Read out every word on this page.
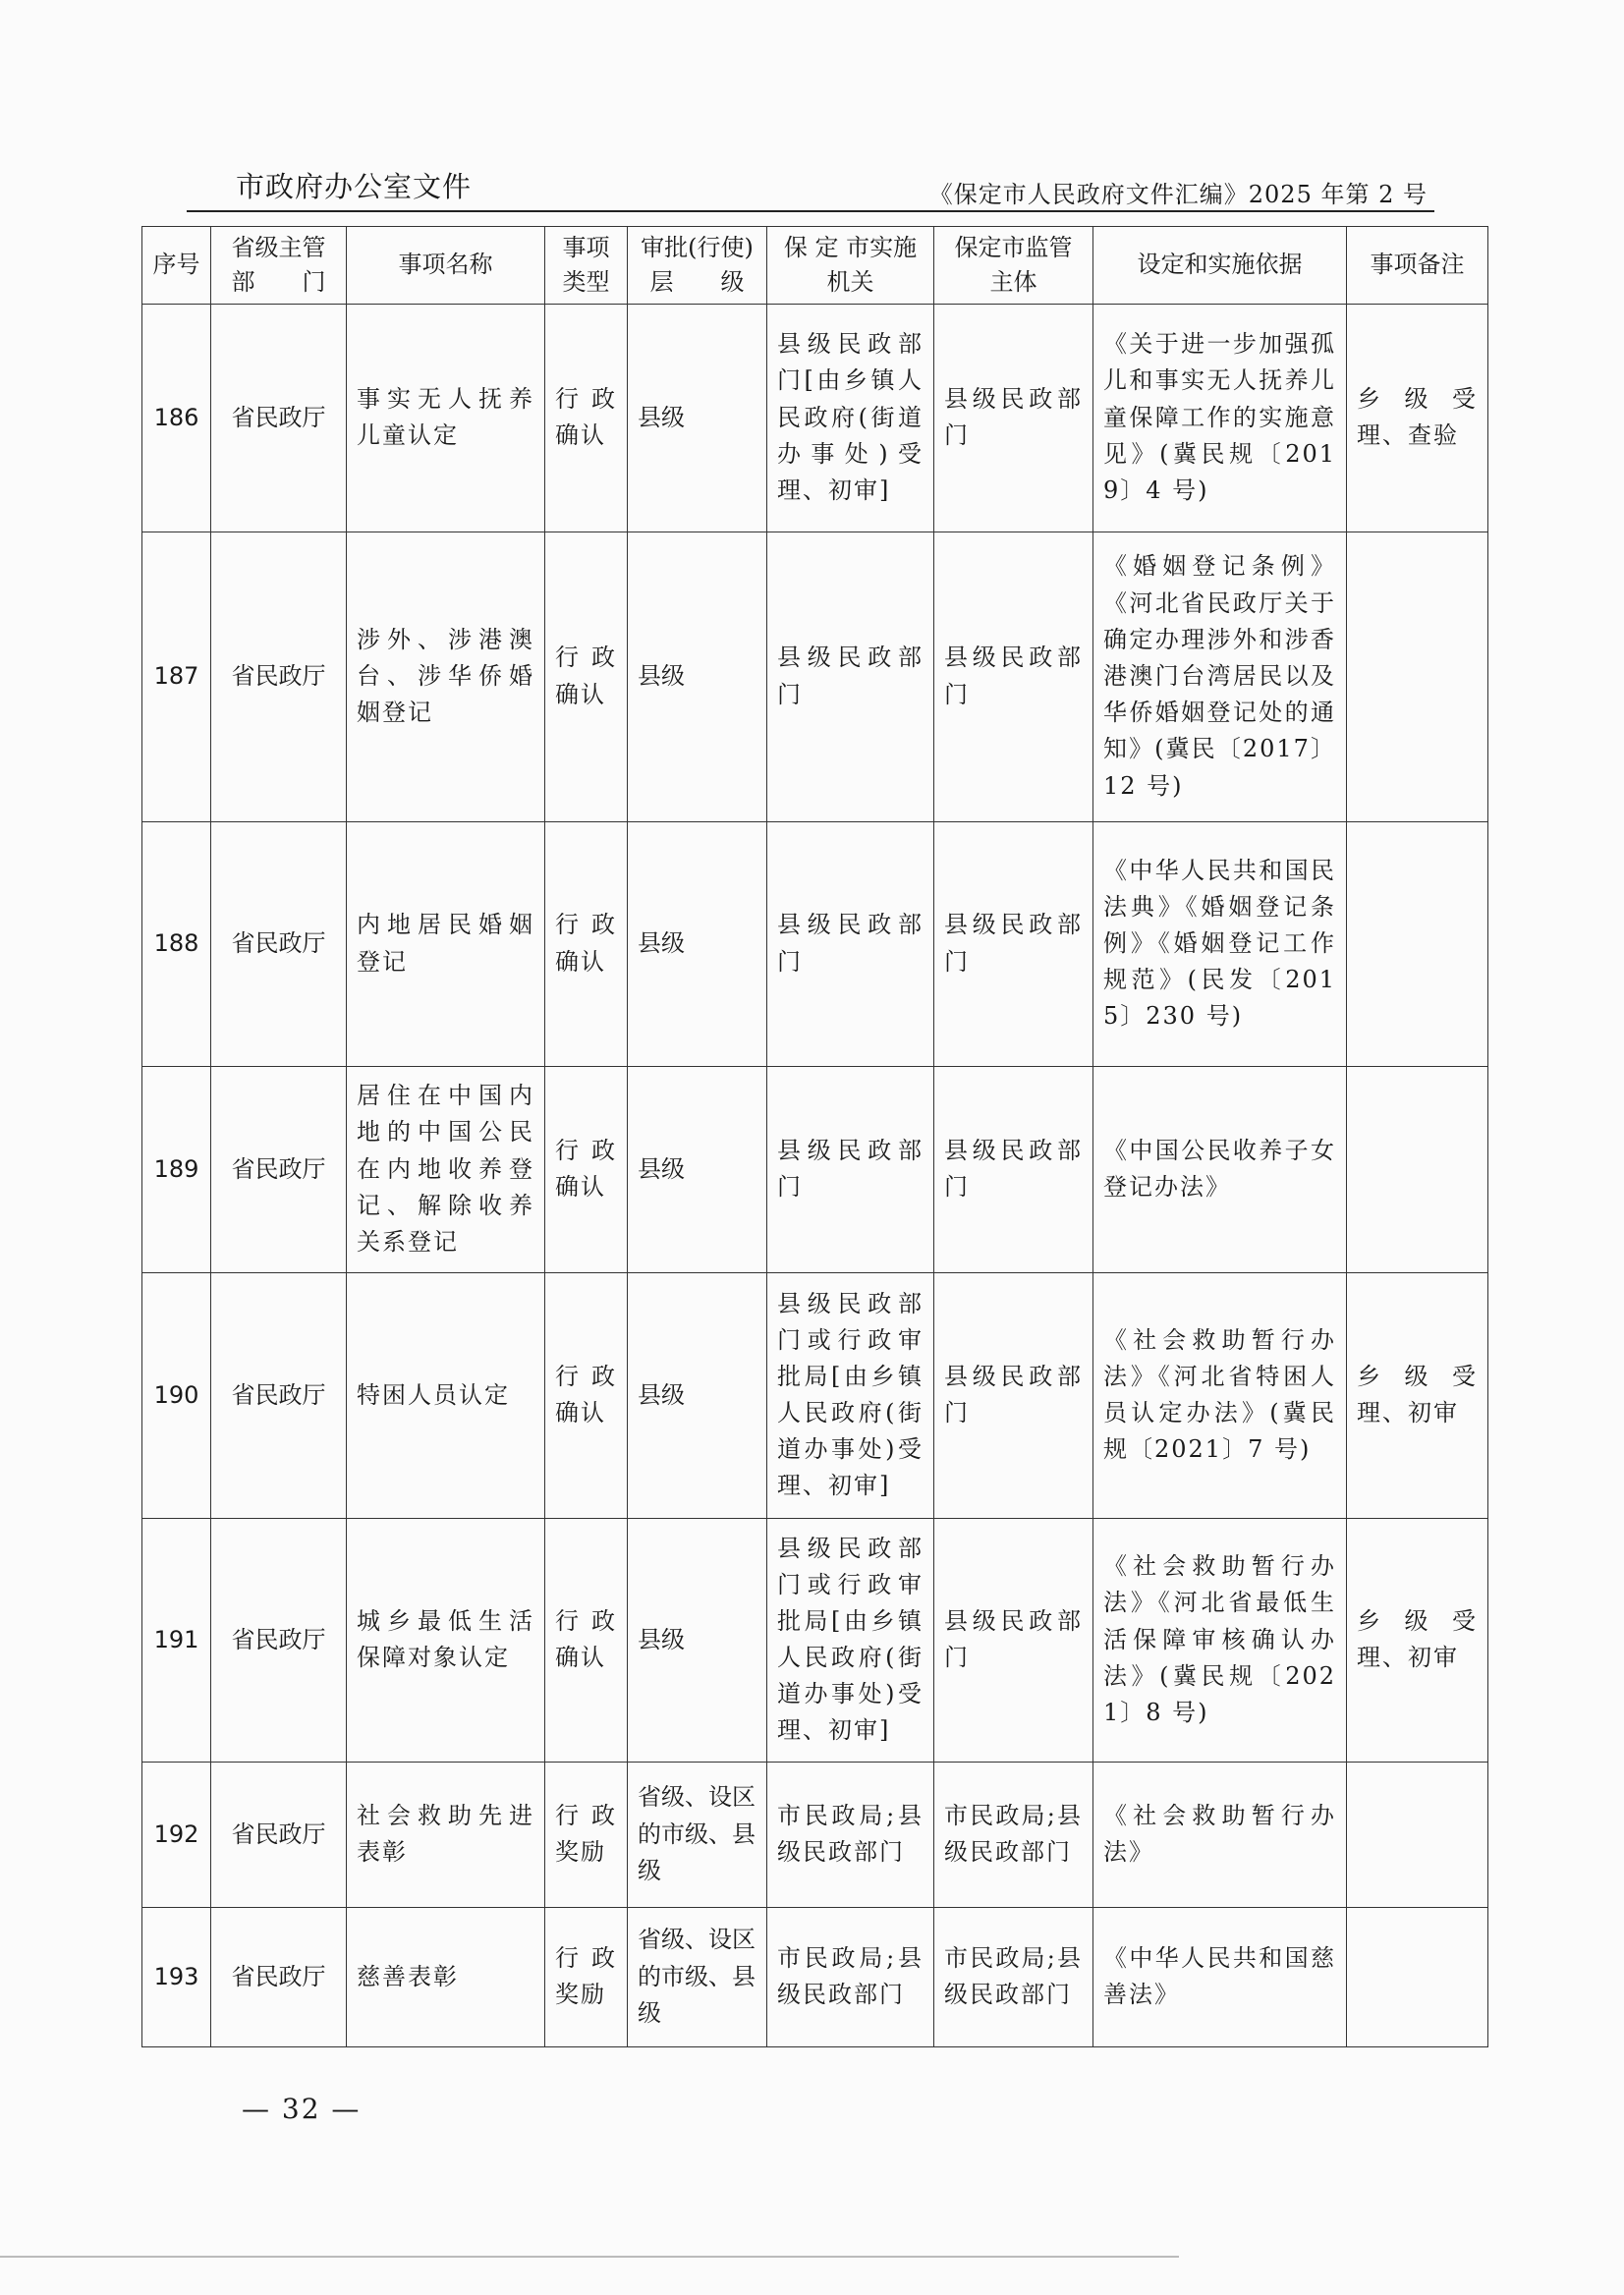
市政府办公室文件	《保定市人民政府文件汇编》2025 年第 2 号
序号	省级主管部　　门	事项名称	事项类型	审批(行使)层　　级	保 定 市实施机关	保定市监管主体	设定和实施依据	事项备注
186	省民政厅	事实无人抚养儿童认定	行政确认	县级	县级民政部门[由乡镇人民政府(街道办事处)受理、初审]	县级民政部门	《关于进一步加强孤儿和事实无人抚养儿童保障工作的实施意见》(冀民规〔2019〕4 号)	乡级受理、查验
187	省民政厅	涉外、涉港澳台、涉华侨婚姻登记	行政确认	县级	县级民政部门	县级民政部门	《婚姻登记条例》《河北省民政厅关于确定办理涉外和涉香港澳门台湾居民以及华侨婚姻登记处的通知》(冀民〔2017〕12 号)	
188	省民政厅	内地居民婚姻登记	行政确认	县级	县级民政部门	县级民政部门	《中华人民共和国民法典》《婚姻登记条例》《婚姻登记工作规范》(民发〔2015〕230 号)	
189	省民政厅	居住在中国内地的中国公民在内地收养登记、解除收养关系登记	行政确认	县级	县级民政部门	县级民政部门	《中国公民收养子女登记办法》	
190	省民政厅	特困人员认定	行政确认	县级	县级民政部门或行政审批局[由乡镇人民政府(街道办事处)受理、初审]	县级民政部门	《社会救助暂行办法》《河北省特困人员认定办法》(冀民规〔2021〕7 号)	乡级受理、初审
191	省民政厅	城乡最低生活保障对象认定	行政确认	县级	县级民政部门或行政审批局[由乡镇人民政府(街道办事处)受理、初审]	县级民政部门	《社会救助暂行办法》《河北省最低生活保障审核确认办法》(冀民规〔2021〕8 号)	乡级受理、初审
192	省民政厅	社会救助先进表彰	行政奖励	省级、设区的市级、县级	市民政局;县级民政部门	市民政局;县级民政部门	《社会救助暂行办法》	
193	省民政厅	慈善表彰	行政奖励	省级、设区的市级、县级	市民政局;县级民政部门	市民政局;县级民政部门	《中华人民共和国慈善法》	
— 32 —
